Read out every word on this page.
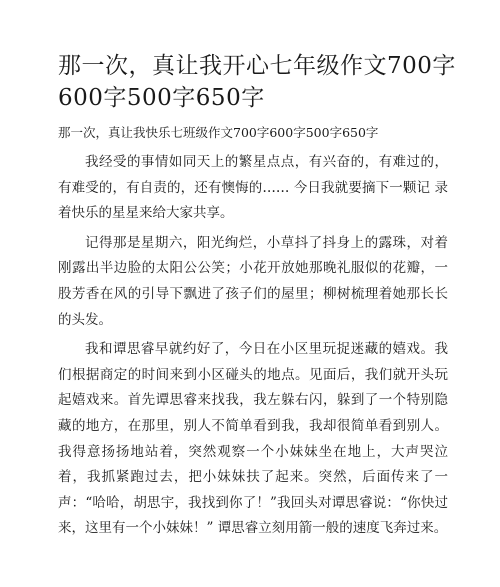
那一次，真让我开心七年级作文700字600字500字650字
那一次，真让我快乐七班级作文700字600字500字650字

我经受的事情如同天上的繁星点点，有兴奋的，有难过的，有难受的，有自责的，还有懊悔的…… 今日我就要摘下一颗记 录着快乐的星星来给大家共享。

记得那是星期六，阳光绚烂，小草抖了抖身上的露珠，对着刚露出半边脸的太阳公公笑；小花开放她那晚礼服似的花瓣，一股芳香在风的引导下飘进了孩子们的屋里；柳树梳理着她那长长的头发。

我和谭思睿早就约好了，今日在小区里玩捉迷藏的嬉戏。我们根据商定的时间来到小区碰头的地点。见面后，我们就开头玩起嬉戏来。首先谭思睿来找我，我左躲右闪，躲到了一个特别隐藏的地方，在那里，别人不简单看到我，我却很简单看到别人。我得意扬扬地站着，突然观察一个小妹妹坐在地上，大声哭泣着，我抓紧跑过去，把小妹妹扶了起来。突然，后面传来了一声：“哈哈，胡思宇，我找到你了！”我回头对谭思睿说：“你快过来，这里有一个小妹妹！” 谭思睿立刻用箭一般的速度飞奔过来。
